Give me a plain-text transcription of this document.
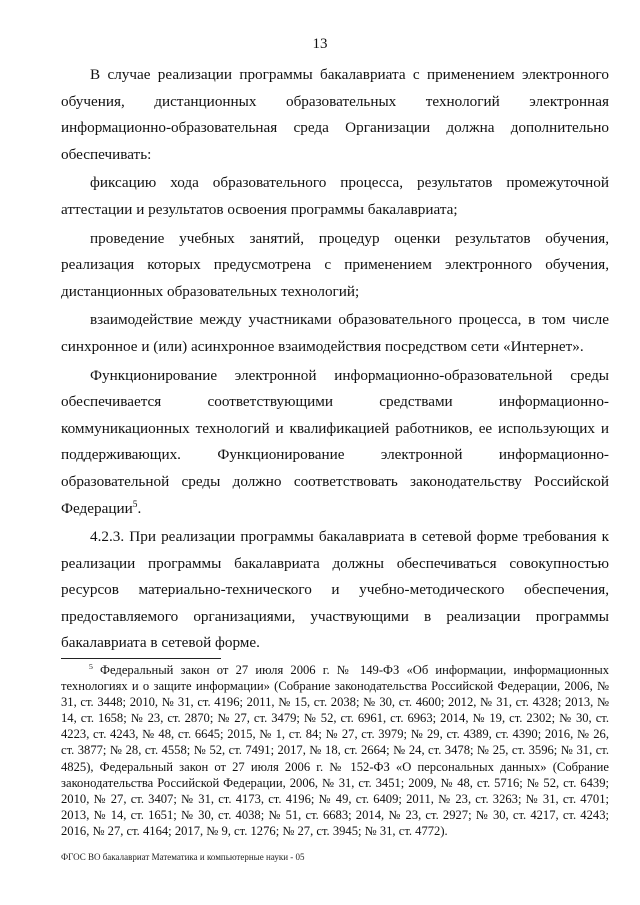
13

В случае реализации программы бакалавриата с применением электронного обучения, дистанционных образовательных технологий электронная информационно-образовательная среда Организации должна дополнительно обеспечивать:

фиксацию хода образовательного процесса, результатов промежуточной аттестации и результатов освоения программы бакалавриата;

проведение учебных занятий, процедур оценки результатов обучения, реализация которых предусмотрена с применением электронного обучения, дистанционных образовательных технологий;

взаимодействие между участниками образовательного процесса, в том числе синхронное и (или) асинхронное взаимодействия посредством сети «Интернет».

Функционирование электронной информационно-образовательной среды обеспечивается соответствующими средствами информационно-коммуникационных технологий и квалификацией работников, ее использующих и поддерживающих. Функционирование электронной информационно-образовательной среды должно соответствовать законодательству Российской Федерации$^5$.

4.2.3. При реализации программы бакалавриата в сетевой форме требования к реализации программы бакалавриата должны обеспечиваться совокупностью ресурсов материально-технического и учебно-методического обеспечения, предоставляемого организациями, участвующими в реализации программы бакалавриата в сетевой форме.

$^5$ Федеральный закон от 27 июля 2006 г. № 149-ФЗ «Об информации, информационных технологиях и о защите информации» (Собрание законодательства Российской Федерации, 2006, № 31, ст. 3448; 2010, № 31, ст. 4196; 2011, № 15, ст. 2038; № 30, ст. 4600; 2012, № 31, ст. 4328; 2013, № 14, ст. 1658; № 23, ст. 2870; № 27, ст. 3479; № 52, ст. 6961, ст. 6963; 2014, № 19, ст. 2302; № 30, ст. 4223, ст. 4243, № 48, ст. 6645; 2015, № 1, ст. 84; № 27, ст. 3979; № 29, ст. 4389, ст. 4390; 2016, № 26, ст. 3877; № 28, ст. 4558; № 52, ст. 7491; 2017, № 18, ст. 2664; № 24, ст. 3478; № 25, ст. 3596; № 31, ст. 4825), Федеральный закон от 27 июля 2006 г. № 152-ФЗ «О персональных данных» (Собрание законодательства Российской Федерации, 2006, № 31, ст. 3451; 2009, № 48, ст. 5716; № 52, ст. 6439; 2010, № 27, ст. 3407; № 31, ст. 4173, ст. 4196; № 49, ст. 6409; 2011, № 23, ст. 3263; № 31, ст. 4701; 2013, № 14, ст. 1651; № 30, ст. 4038; № 51, ст. 6683; 2014, № 23, ст. 2927; № 30, ст. 4217, ст. 4243; 2016, № 27, ст. 4164; 2017, № 9, ст. 1276; № 27, ст. 3945; № 31, ст. 4772).
ФГОС ВО бакалавриат Математика и компьютерные науки - 05
